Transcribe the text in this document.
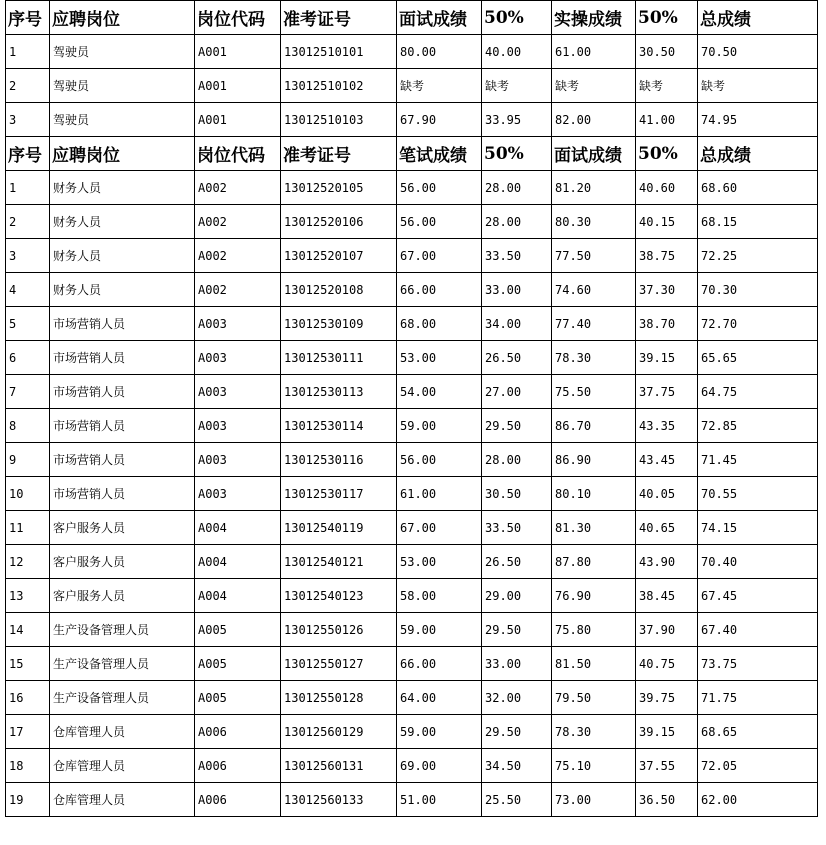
序号	应聘岗位	岗位代码	准考证号	面试成绩	50%	实操成绩	50%	总成绩
1	驾驶员	A001	13012510101	80.00	40.00	61.00	30.50	70.50
2	驾驶员	A001	13012510102	缺考	缺考	缺考	缺考	缺考
3	驾驶员	A001	13012510103	67.90	33.95	82.00	41.00	74.95
序号	应聘岗位	岗位代码	准考证号	笔试成绩	50%	面试成绩	50%	总成绩
1	财务人员	A002	13012520105	56.00	28.00	81.20	40.60	68.60
2	财务人员	A002	13012520106	56.00	28.00	80.30	40.15	68.15
3	财务人员	A002	13012520107	67.00	33.50	77.50	38.75	72.25
4	财务人员	A002	13012520108	66.00	33.00	74.60	37.30	70.30
5	市场营销人员	A003	13012530109	68.00	34.00	77.40	38.70	72.70
6	市场营销人员	A003	13012530111	53.00	26.50	78.30	39.15	65.65
7	市场营销人员	A003	13012530113	54.00	27.00	75.50	37.75	64.75
8	市场营销人员	A003	13012530114	59.00	29.50	86.70	43.35	72.85
9	市场营销人员	A003	13012530116	56.00	28.00	86.90	43.45	71.45
10	市场营销人员	A003	13012530117	61.00	30.50	80.10	40.05	70.55
11	客户服务人员	A004	13012540119	67.00	33.50	81.30	40.65	74.15
12	客户服务人员	A004	13012540121	53.00	26.50	87.80	43.90	70.40
13	客户服务人员	A004	13012540123	58.00	29.00	76.90	38.45	67.45
14	生产设备管理人员	A005	13012550126	59.00	29.50	75.80	37.90	67.40
15	生产设备管理人员	A005	13012550127	66.00	33.00	81.50	40.75	73.75
16	生产设备管理人员	A005	13012550128	64.00	32.00	79.50	39.75	71.75
17	仓库管理人员	A006	13012560129	59.00	29.50	78.30	39.15	68.65
18	仓库管理人员	A006	13012560131	69.00	34.50	75.10	37.55	72.05
19	仓库管理人员	A006	13012560133	51.00	25.50	73.00	36.50	62.00
